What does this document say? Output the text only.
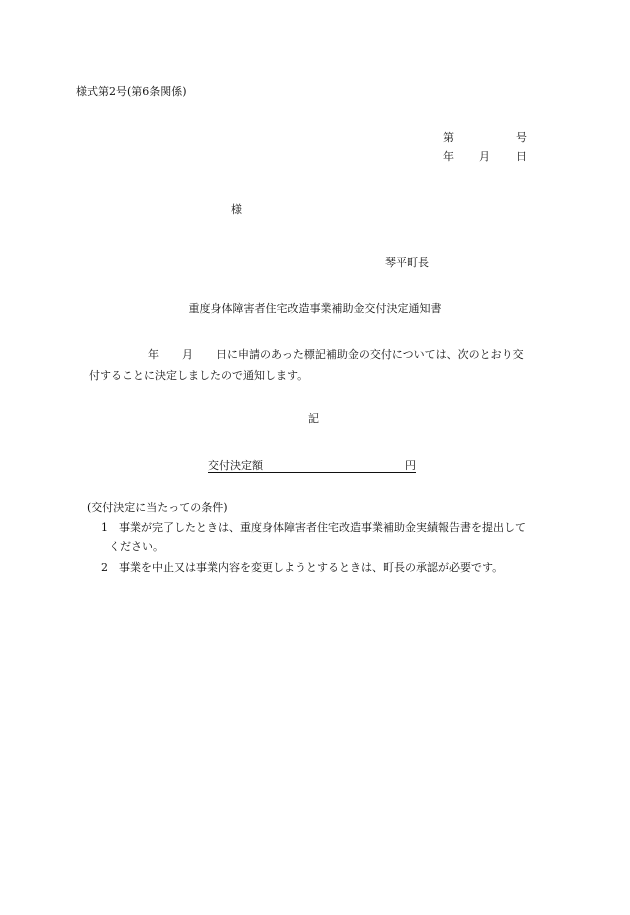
様式第2号(第6条関係)
第	号
年 月 日
様
琴平町長
重度身体障害者住宅改造事業補助金交付決定通知書
年 月 日に申請のあった標記補助金の交付については、次のとおり交
付することに決定しましたので通知します。
記
交付決定額	円
(交付決定に当たっての条件)
1 事業が完了したときは、重度身体障害者住宅改造事業補助金実績報告書を提出して
ください。
2 事業を中止又は事業内容を変更しようとするときは、町長の承認が必要です。
